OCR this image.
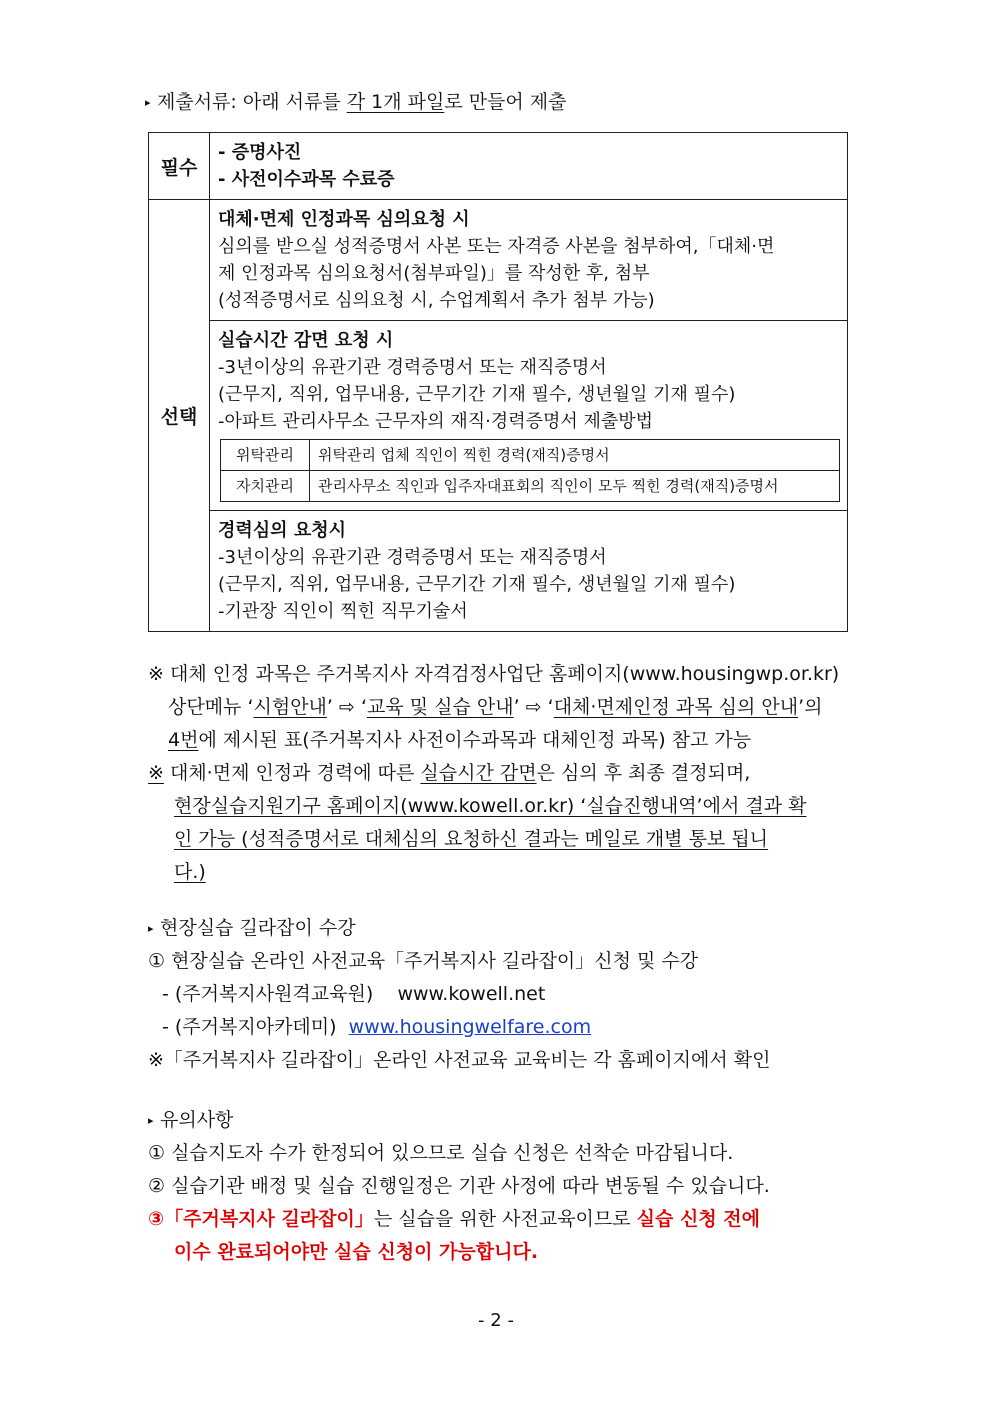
▸ 제출서류: 아래 서류를 각 1개 파일로 만들어 제출
필수	
- 증명사진
- 사전이수과목 수료증

선택	
대체·면제 인정과목 심의요청 시
심의를 받으실 성적증명서 사본 또는 자격증 사본을 첨부하여,「대체·면
제 인정과목 심의요청서(첨부파일)」를 작성한 후, 첨부
(성적증명서로 심의요청 시, 수업계획서 추가 첨부 가능)

실습시간 감면 요청 시
-3년이상의 유관기관 경력증명서 또는 재직증명서
(근무지, 직위, 업무내용, 근무기간 기재 필수, 생년월일 기재 필수)
-아파트 관리사무소 근무자의 재직·경력증명서 제출방법
위탁관리	위탁관리 업체 직인이 찍힌 경력(재직)증명서
자치관리	관리사무소 직인과 입주자대표회의 직인이 모두 찍힌 경력(재직)증명서

경력심의 요청시
-3년이상의 유관기관 경력증명서 또는 재직증명서
(근무지, 직위, 업무내용, 근무기간 기재 필수, 생년월일 기재 필수)
-기관장 직인이 찍힌 직무기술서
※ 대체 인정 과목은 주거복지사 자격검정사업단 홈페이지(www.housingwp.or.kr)
상단메뉴 ‘시험안내’ ⇨ ‘교육 및 실습 안내’ ⇨ ‘대체·면제인정 과목 심의 안내’의
4번에 제시된 표(주거복지사 사전이수과목과 대체인정 과목) 참고 가능
※ 대체·면제 인정과 경력에 따른 실습시간 감면은 심의 후 최종 결정되며,
현장실습지원기구 홈페이지(www.kowell.or.kr) ‘실습진행내역’에서 결과 확
인 가능 (성적증명서로 대체심의 요청하신 결과는 메일로 개별 통보 됩니
다.)
▸ 현장실습 길라잡이 수강
① 현장실습 온라인 사전교육「주거복지사 길라잡이」신청 및 수강
- (주거복지사원격교육원) www.kowell.net
- (주거복지아카데미) www.housingwelfare.com
※「주거복지사 길라잡이」온라인 사전교육 교육비는 각 홈페이지에서 확인
▸ 유의사항
① 실습지도자 수가 한정되어 있으므로 실습 신청은 선착순 마감됩니다.
② 실습기관 배정 및 실습 진행일정은 기관 사정에 따라 변동될 수 있습니다.
③「주거복지사 길라잡이」는 실습을 위한 사전교육이므로 실습 신청 전에
이수 완료되어야만 실습 신청이 가능합니다.
- 2 -
